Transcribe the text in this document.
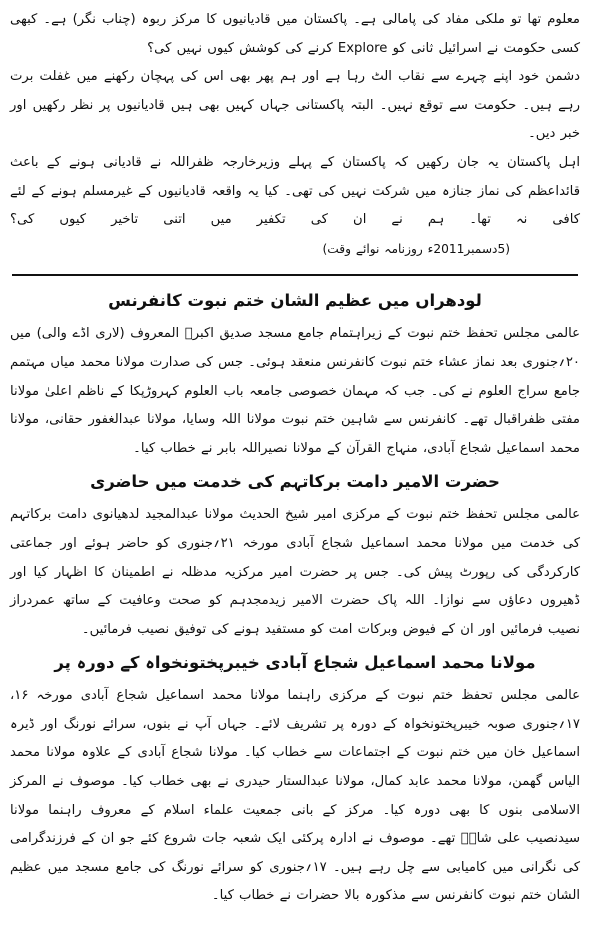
معلوم تھا تو ملکی مفاد کی پامالی ہے۔ پاکستان میں قادیانیوں کا مرکز ربوہ (چناب نگر) ہے۔ کبھی کسی حکومت نے اسرائیل ثانی کو Explore کرنے کی کوشش کیوں نہیں کی؟

دشمن خود اپنے چہرے سے نقاب الٹ رہا ہے اور ہم پھر بھی اس کی پہچان رکھنے میں غفلت برت رہے ہیں۔ حکومت سے توقع نہیں۔ البتہ پاکستانی جہاں کہیں بھی ہیں قادیانیوں پر نظر رکھیں اور خبر دیں۔

اہل پاکستان یہ جان رکھیں کہ پاکستان کے پہلے وزیرخارجہ ظفراللہ نے قادیانی ہونے کے باعث قائداعظم کی نماز جنازہ میں شرکت نہیں کی تھی۔ کیا یہ واقعہ قادیانیوں کے غیرمسلم ہونے کے لئے کافی نہ تھا۔ ہم نے ان کی تکفیر میں اتنی تاخیر کیوں کی؟ (5دسمبر2011ء روزنامہ نوائے وقت)

لودھراں میں عظیم الشان ختم نبوت کانفرنس

عالمی مجلس تحفظ ختم نبوت کے زیراہتمام جامع مسجد صدیق اکبرؓ المعروف (لاری اڈے والی) میں ۲۰؍جنوری بعد نماز عشاء ختم نبوت کانفرنس منعقد ہوئی۔ جس کی صدارت مولانا محمد میاں مہتمم جامع سراج العلوم نے کی۔ جب کہ مہمان خصوصی جامعہ باب العلوم کہروڑپکا کے ناظم اعلیٰ مولانا مفتی ظفراقبال تھے۔ کانفرنس سے شاہین ختم نبوت مولانا اللہ وسایا، مولانا عبدالغفور حقانی، مولانا محمد اسماعیل شجاع آبادی، منہاج القرآن کے مولانا نصیراللہ بابر نے خطاب کیا۔

حضرت الامیر دامت برکاتہم کی خدمت میں حاضری

عالمی مجلس تحفظ ختم نبوت کے مرکزی امیر شیخ الحدیث مولانا عبدالمجید لدھیانوی دامت برکاتہم کی خدمت میں مولانا محمد اسماعیل شجاع آبادی مورخہ ۲۱؍جنوری کو حاضر ہوئے اور جماعتی کارکردگی کی رپورٹ پیش کی۔ جس پر حضرت امیر مرکزیہ مدظلہ نے اطمینان کا اظہار کیا اور ڈھیروں دعاؤں سے نوازا۔ اللہ پاک حضرت الامیر زیدمجدہم کو صحت وعافیت کے ساتھ عمردراز نصیب فرمائیں اور ان کے فیوض وبرکات امت کو مستفید ہونے کی توفیق نصیب فرمائیں۔

مولانا محمد اسماعیل شجاع آبادی خیبرپختونخواہ کے دورہ پر

عالمی مجلس تحفظ ختم نبوت کے مرکزی راہنما مولانا محمد اسماعیل شجاع آبادی مورخہ ۱۶، ۱۷؍جنوری صوبہ خیبرپختونخواہ کے دورہ پر تشریف لائے۔ جہاں آپ نے بنوں، سرائے نورنگ اور ڈیرہ اسماعیل خان میں ختم نبوت کے اجتماعات سے خطاب کیا۔ مولانا شجاع آبادی کے علاوہ مولانا محمد الیاس گھمن، مولانا محمد عابد کمال، مولانا عبدالستار حیدری نے بھی خطاب کیا۔ موصوف نے المرکز الاسلامی بنوں کا بھی دورہ کیا۔ مرکز کے بانی جمعیت علماء اسلام کے معروف راہنما مولانا سیدنصیب علی شاہؒ تھے۔ موصوف نے ادارہ پرکئی ایک شعبہ جات شروع کئے جو ان کے فرزندگرامی کی نگرانی میں کامیابی سے چل رہے ہیں۔ ۱۷؍جنوری کو سرائے نورنگ کی جامع مسجد میں عظیم الشان ختم نبوت کانفرنس سے مذکورہ بالا حضرات نے خطاب کیا۔
